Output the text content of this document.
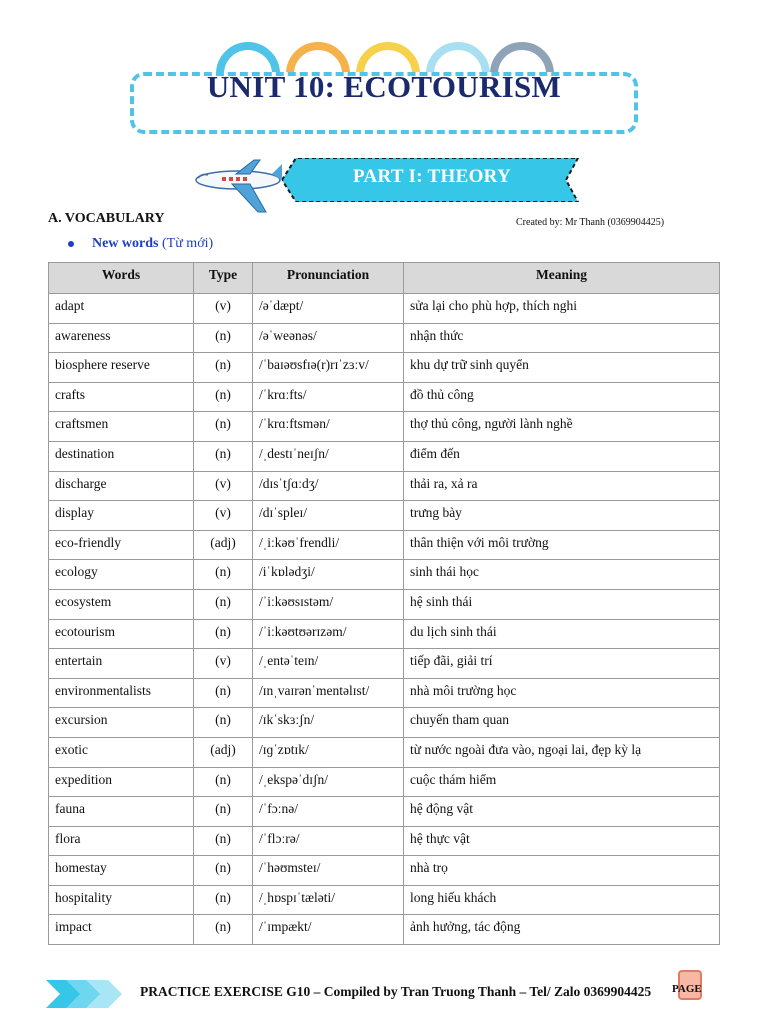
UNIT 10: ECOTOURISM
PART I: THEORY
A. VOCABULARY	Created by: Mr Thanh (0369904425)
New words (Từ mới)
Words	Type	Pronunciation	Meaning
adapt	(v)	/əˈdæpt/	sửa lại cho phù hợp, thích nghi
awareness	(n)	/əˈweənəs/	nhận thức
biosphere reserve	(n)	/ˈbaɪəʊsfɪə(r)rɪˈzɜːv/	khu dự trữ sinh quyển
crafts	(n)	/ˈkrɑːfts/	đồ thủ công
craftsmen	(n)	/ˈkrɑːftsmən/	thợ thủ công, người lành nghề
destination	(n)	/ˌdestɪˈneɪʃn/	điểm đến
discharge	(v)	/dɪsˈtʃɑːdʒ/	thải ra, xả ra
display	(v)	/dɪˈspleɪ/	trưng bày
eco-friendly	(adj)	/ˌiːkəʊˈfrendli/	thân thiện với môi trường
ecology	(n)	/iˈkɒlədʒi/	sinh thái học
ecosystem	(n)	/ˈiːkəʊsɪstəm/	hệ sinh thái
ecotourism	(n)	/ˈiːkəʊtʊərɪzəm/	du lịch sinh thái
entertain	(v)	/ˌentəˈteɪn/	tiếp đãi, giải trí
environmentalists	(n)	/ɪnˌvaɪrənˈmentəlɪst/	nhà môi trường học
excursion	(n)	/ɪkˈskɜːʃn/	chuyến tham quan
exotic	(adj)	/ɪɡˈzɒtɪk/	từ nước ngoài đưa vào, ngoại lai, đẹp kỳ lạ
expedition	(n)	/ˌekspəˈdɪʃn/	cuộc thám hiểm
fauna	(n)	/ˈfɔːnə/	hệ động vật
flora	(n)	/ˈflɔːrə/	hệ thực vật
homestay	(n)	/ˈhəʊmsteɪ/	nhà trọ
hospitality	(n)	/ˌhɒspɪˈtæləti/	long hiếu khách
impact	(n)	/ˈɪmpækt/	ảnh hưởng, tác động
PRACTICE EXERCISE G10 – Compiled by Tran Truong Thanh – Tel/ Zalo 0369904425	PAGE
